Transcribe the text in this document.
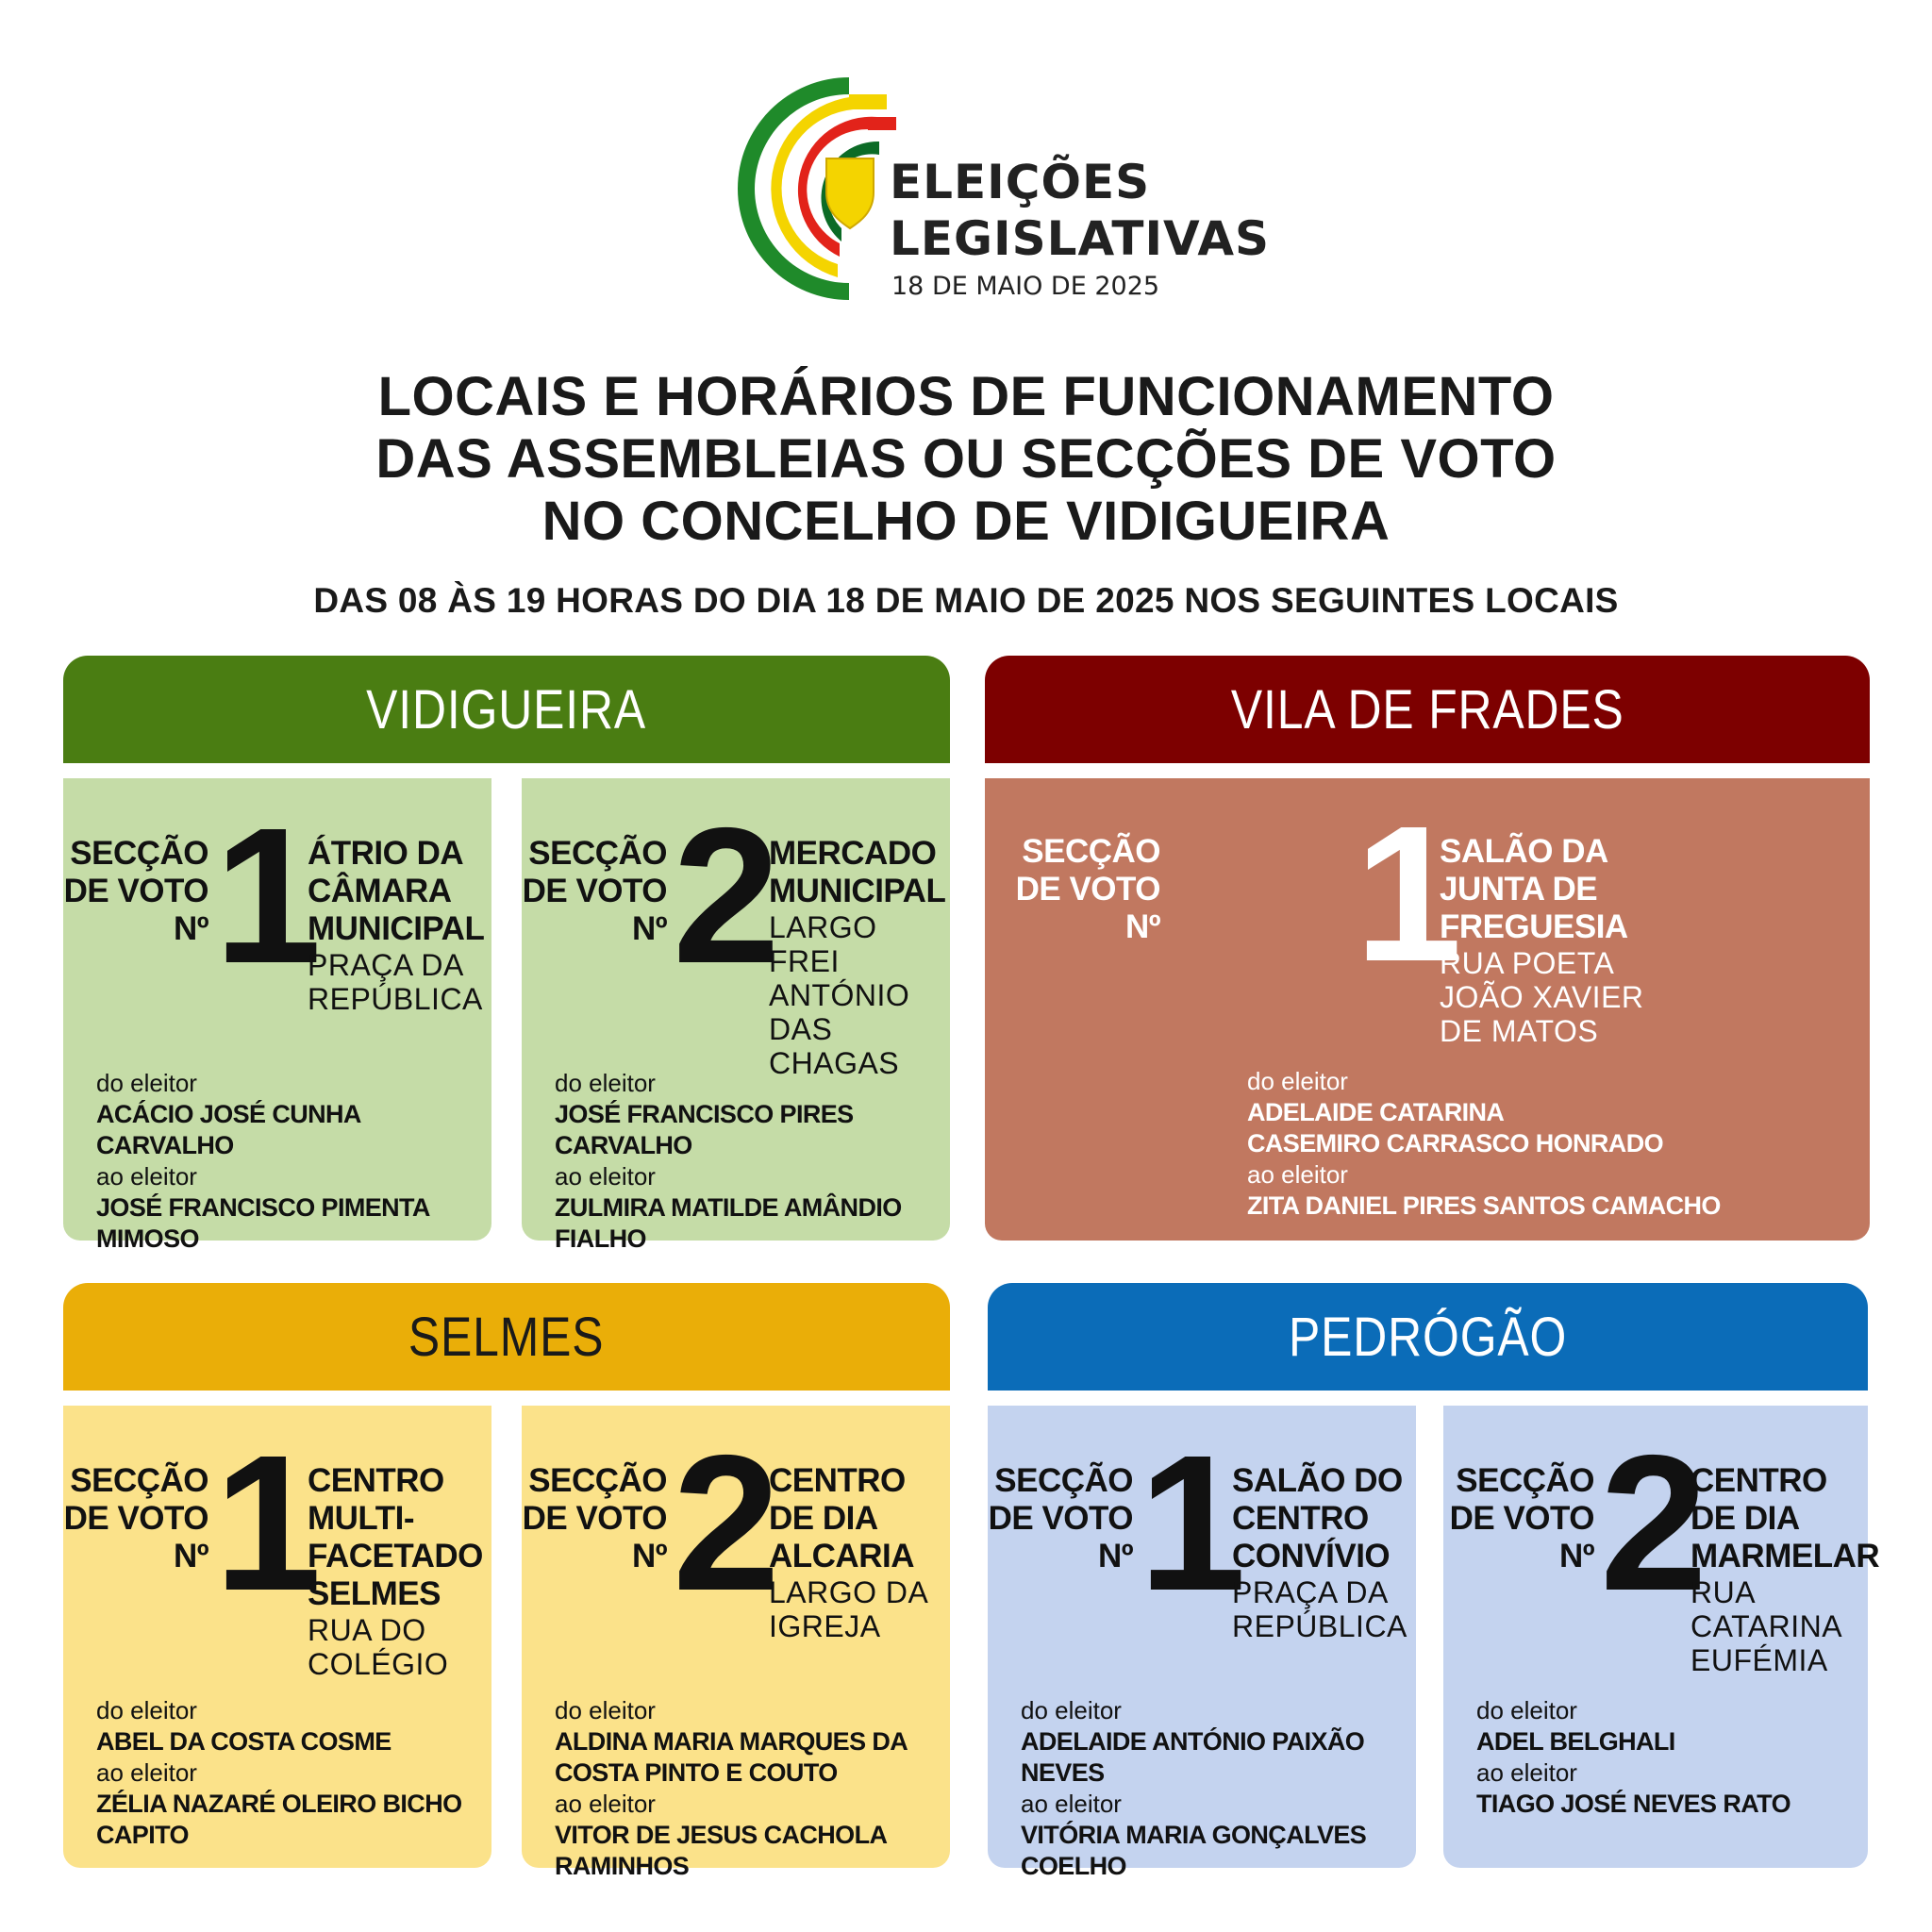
ELEIÇÕES
LEGISLATIVAS
18 DE MAIO DE 2025
LOCAIS E HORÁRIOS DE FUNCIONAMENTO
DAS ASSEMBLEIAS OU SECÇÕES DE VOTO
NO CONCELHO DE VIDIGUEIRA
DAS 08 ÀS 19 HORAS DO DIA 18 DE MAIO DE 2025 NOS SEGUINTES LOCAIS
VIDIGUEIRA
SECÇÃO
DE VOTO
Nº 1
ÁTRIO DA
CÂMARA
MUNICIPAL
PRAÇA DA
REPÚBLICA
do eleitor
ACÁCIO JOSÉ CUNHA CARVALHO
ao eleitor
JOSÉ FRANCISCO PIMENTA MIMOSO
SECÇÃO
DE VOTO
Nº 2
MERCADO
MUNICIPAL
LARGO FREI
ANTÓNIO DAS
CHAGAS
do eleitor
JOSÉ FRANCISCO PIRES CARVALHO
ao eleitor
ZULMIRA MATILDE AMÂNDIO FIALHO
VILA DE FRADES
SECÇÃO
DE VOTO
Nº 1
SALÃO DA
JUNTA DE
FREGUESIA
RUA POETA
JOÃO XAVIER
DE MATOS
do eleitor
ADELAIDE CATARINA
CASEMIRO CARRASCO HONRADO
ao eleitor
ZITA DANIEL PIRES SANTOS CAMACHO
SELMES
SECÇÃO
DE VOTO
Nº 1
CENTRO
MULTI-
FACETADO
SELMES
RUA DO
COLÉGIO
do eleitor
ABEL DA COSTA COSME
ao eleitor
ZÉLIA NAZARÉ OLEIRO BICHO CAPITO
SECÇÃO
DE VOTO
Nº 2
CENTRO
DE DIA
ALCARIA
LARGO DA
IGREJA
do eleitor
ALDINA MARIA MARQUES DA
COSTA PINTO E COUTO
ao eleitor
VITOR DE JESUS CACHOLA RAMINHOS
PEDRÓGÃO
SECÇÃO
DE VOTO
Nº 1
SALÃO DO
CENTRO
CONVÍVIO
PRAÇA DA
REPÚBLICA
do eleitor
ADELAIDE ANTÓNIO PAIXÃO NEVES
ao eleitor
VITÓRIA MARIA GONÇALVES COELHO
SECÇÃO
DE VOTO
Nº 2
CENTRO
DE DIA
MARMELAR
RUA
CATARINA
EUFÉMIA
do eleitor
ADEL BELGHALI
ao eleitor
TIAGO JOSÉ NEVES RATO
